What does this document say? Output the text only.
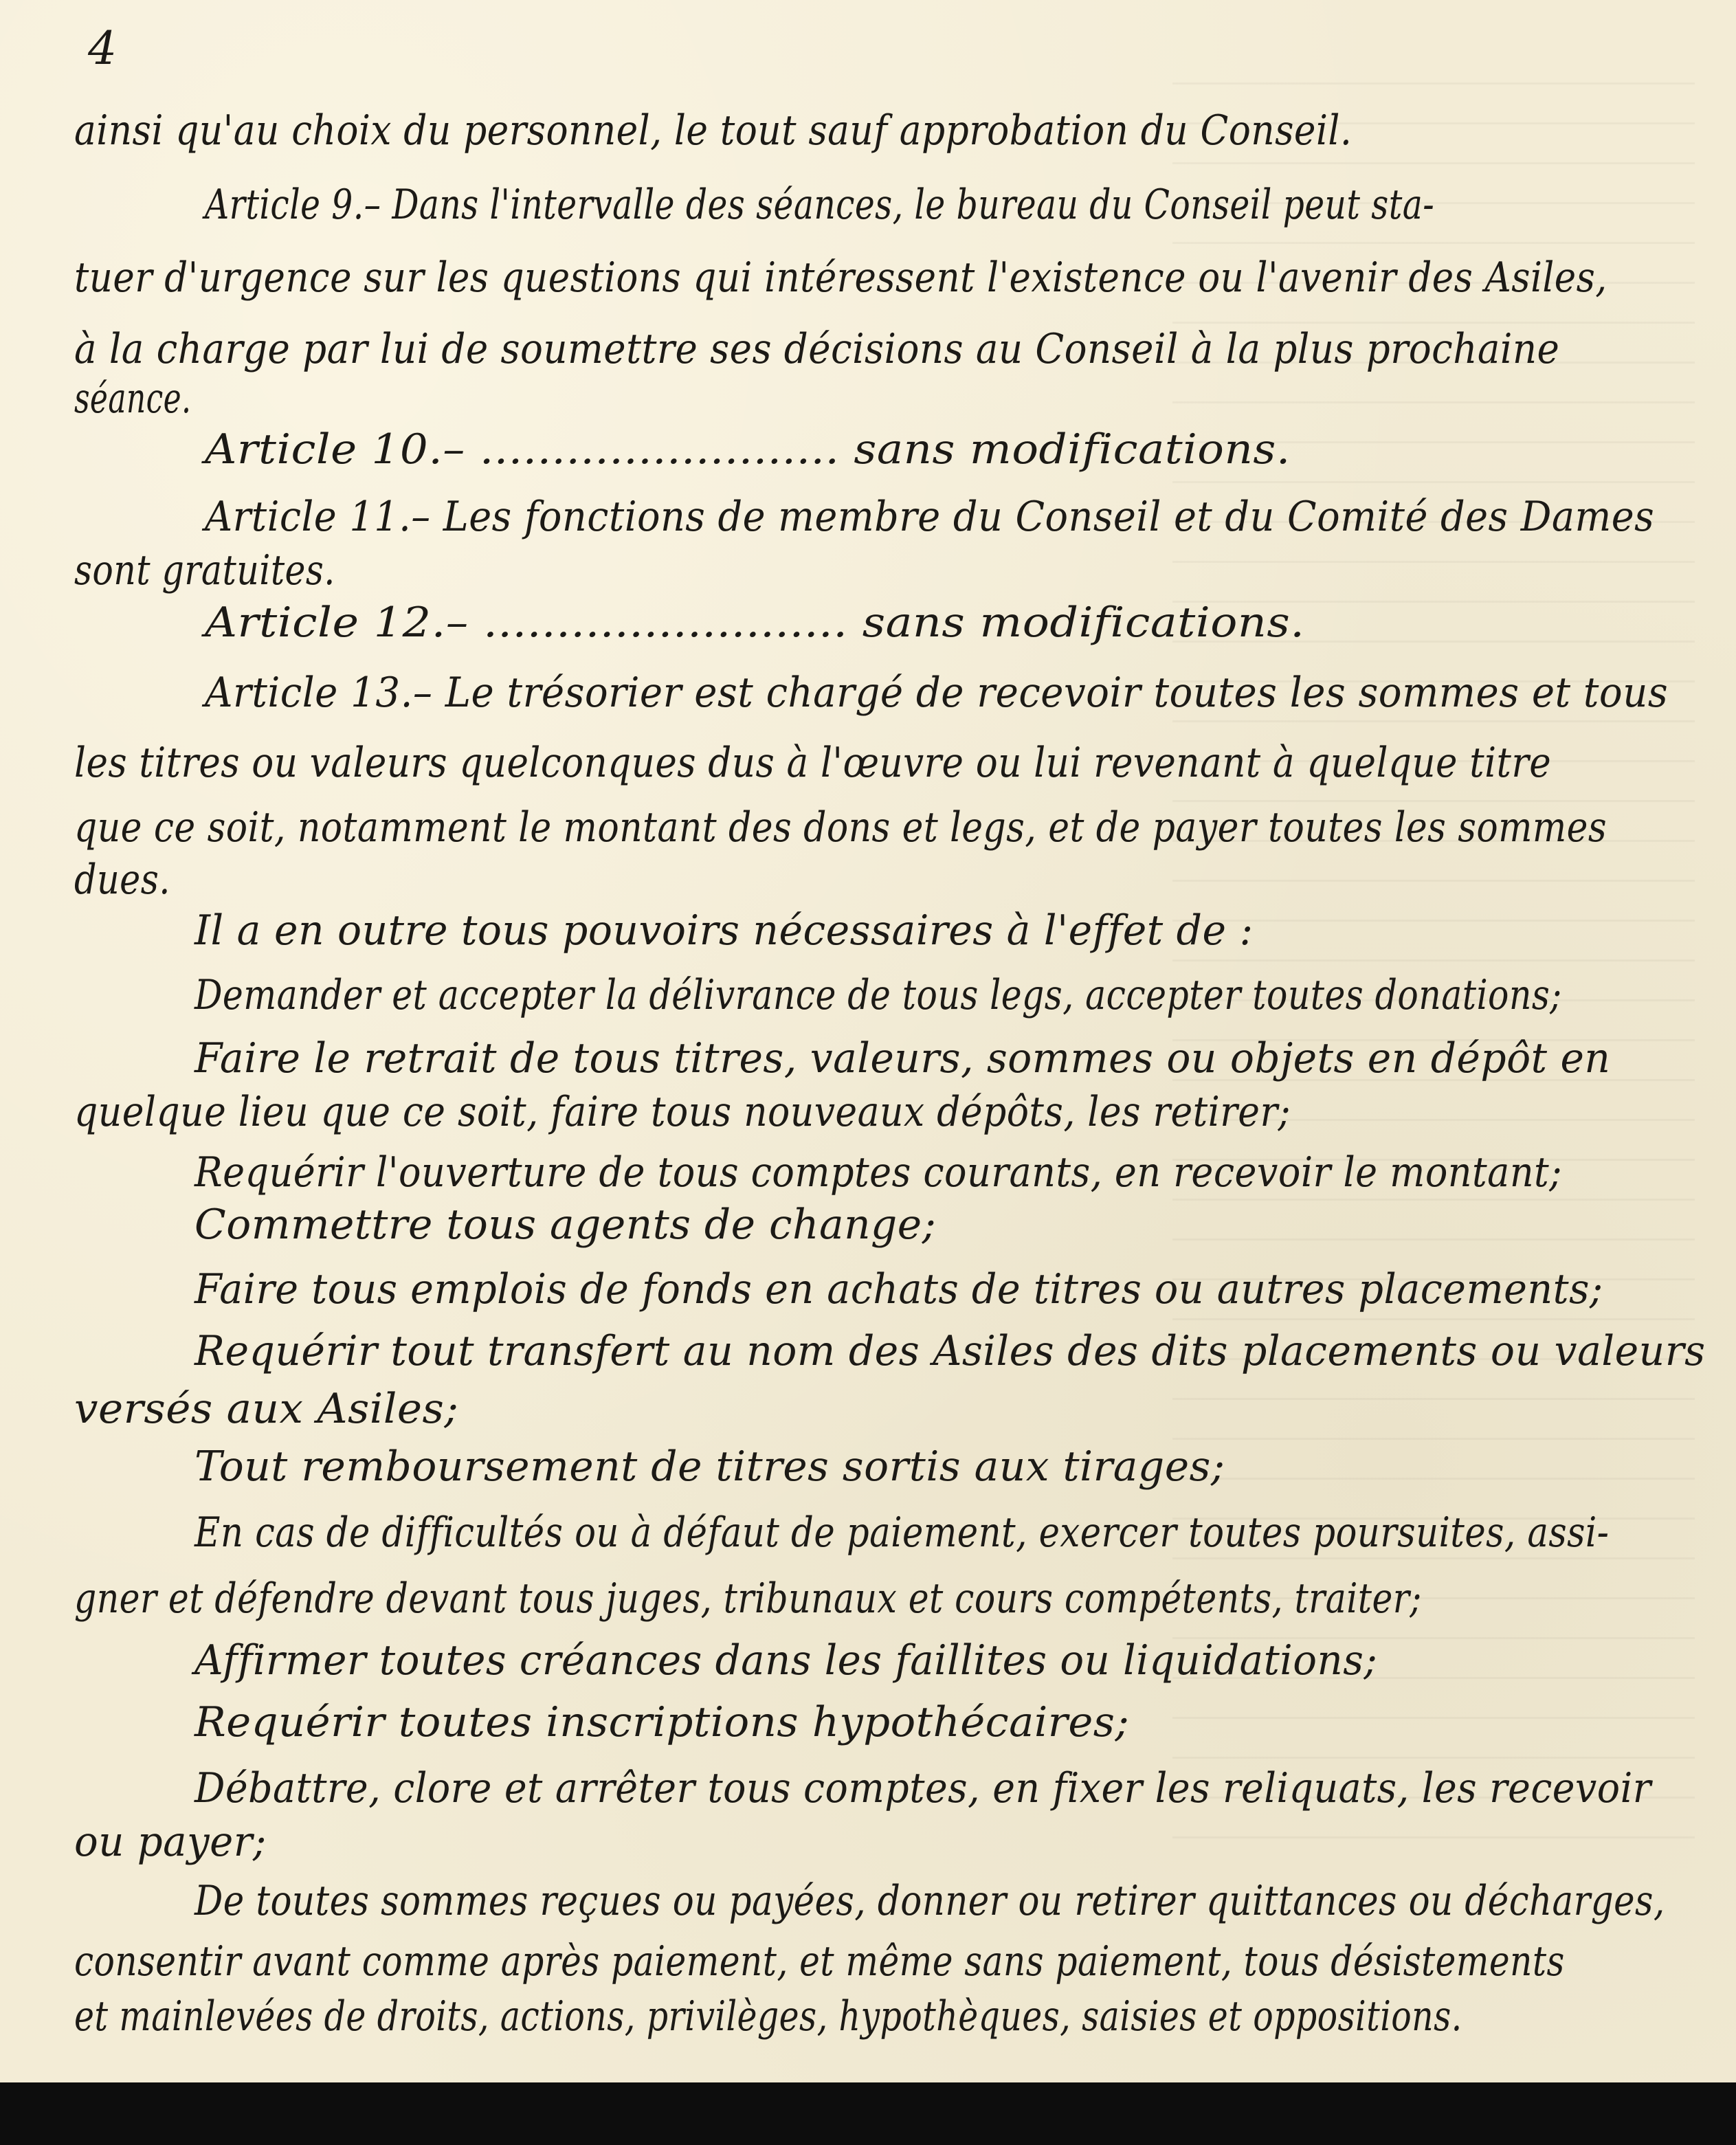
4
ainsi qu'au choix du personnel, le tout sauf approbation du Conseil.
Article 9.– Dans l'intervalle des séances, le bureau du Conseil peut sta-
tuer d'urgence sur les questions qui intéressent l'existence ou l'avenir des Asiles,
à la charge par lui de soumettre ses décisions au Conseil à la plus prochaine
séance.
Article 10.– ......................... sans modifications.
Article 11.– Les fonctions de membre du Conseil et du Comité des Dames
sont gratuites.
Article 12.– ......................... sans modifications.
Article 13.– Le trésorier est chargé de recevoir toutes les sommes et tous
les titres ou valeurs quelconques dus à l'œuvre ou lui revenant à quelque titre
que ce soit, notamment le montant des dons et legs, et de payer toutes les sommes
dues.
Il a en outre tous pouvoirs nécessaires à l'effet de :
Demander et accepter la délivrance de tous legs, accepter toutes donations;
Faire le retrait de tous titres, valeurs, sommes ou objets en dépôt en
quelque lieu que ce soit, faire tous nouveaux dépôts, les retirer;
Requérir l'ouverture de tous comptes courants, en recevoir le montant;
Commettre tous agents de change;
Faire tous emplois de fonds en achats de titres ou autres placements;
Requérir tout transfert au nom des Asiles des dits placements ou valeurs
versés aux Asiles;
Tout remboursement de titres sortis aux tirages;
En cas de difficultés ou à défaut de paiement, exercer toutes poursuites, assi-
gner et défendre devant tous juges, tribunaux et cours compétents, traiter;
Affirmer toutes créances dans les faillites ou liquidations;
Requérir toutes inscriptions hypothécaires;
Débattre, clore et arrêter tous comptes, en fixer les reliquats, les recevoir
ou payer;
De toutes sommes reçues ou payées, donner ou retirer quittances ou décharges,
consentir avant comme après paiement, et même sans paiement, tous désistements
et mainlevées de droits, actions, privilèges, hypothèques, saisies et oppositions.
